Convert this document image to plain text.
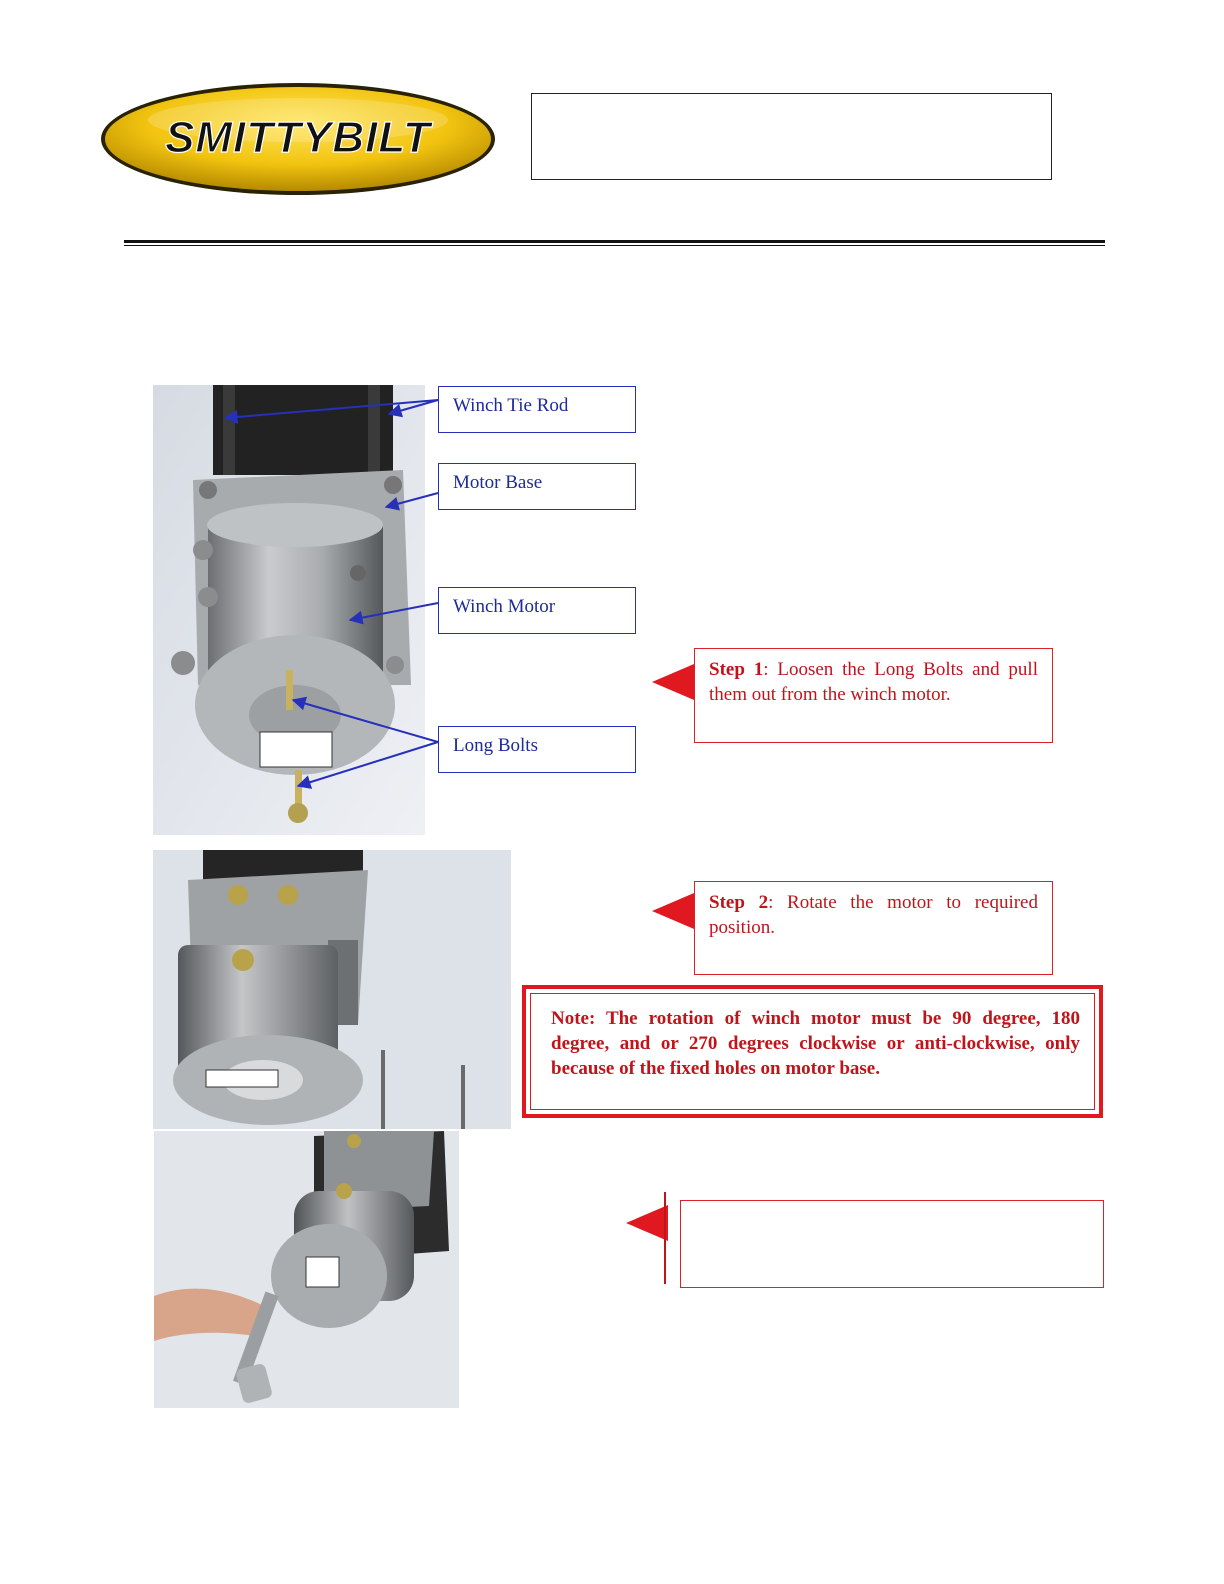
SMITTYBILT
Winch Tie Rod
Motor Base
Winch Motor
Long Bolts
Step 1: Loosen the Long Bolts and pull them out from the winch motor.
Step 2: Rotate the motor to required position.
Note: The rotation of winch motor must be 90 degree, 180 degree, and or 270 degrees clockwise or anti-clockwise, only because of the fixed holes on motor base.
